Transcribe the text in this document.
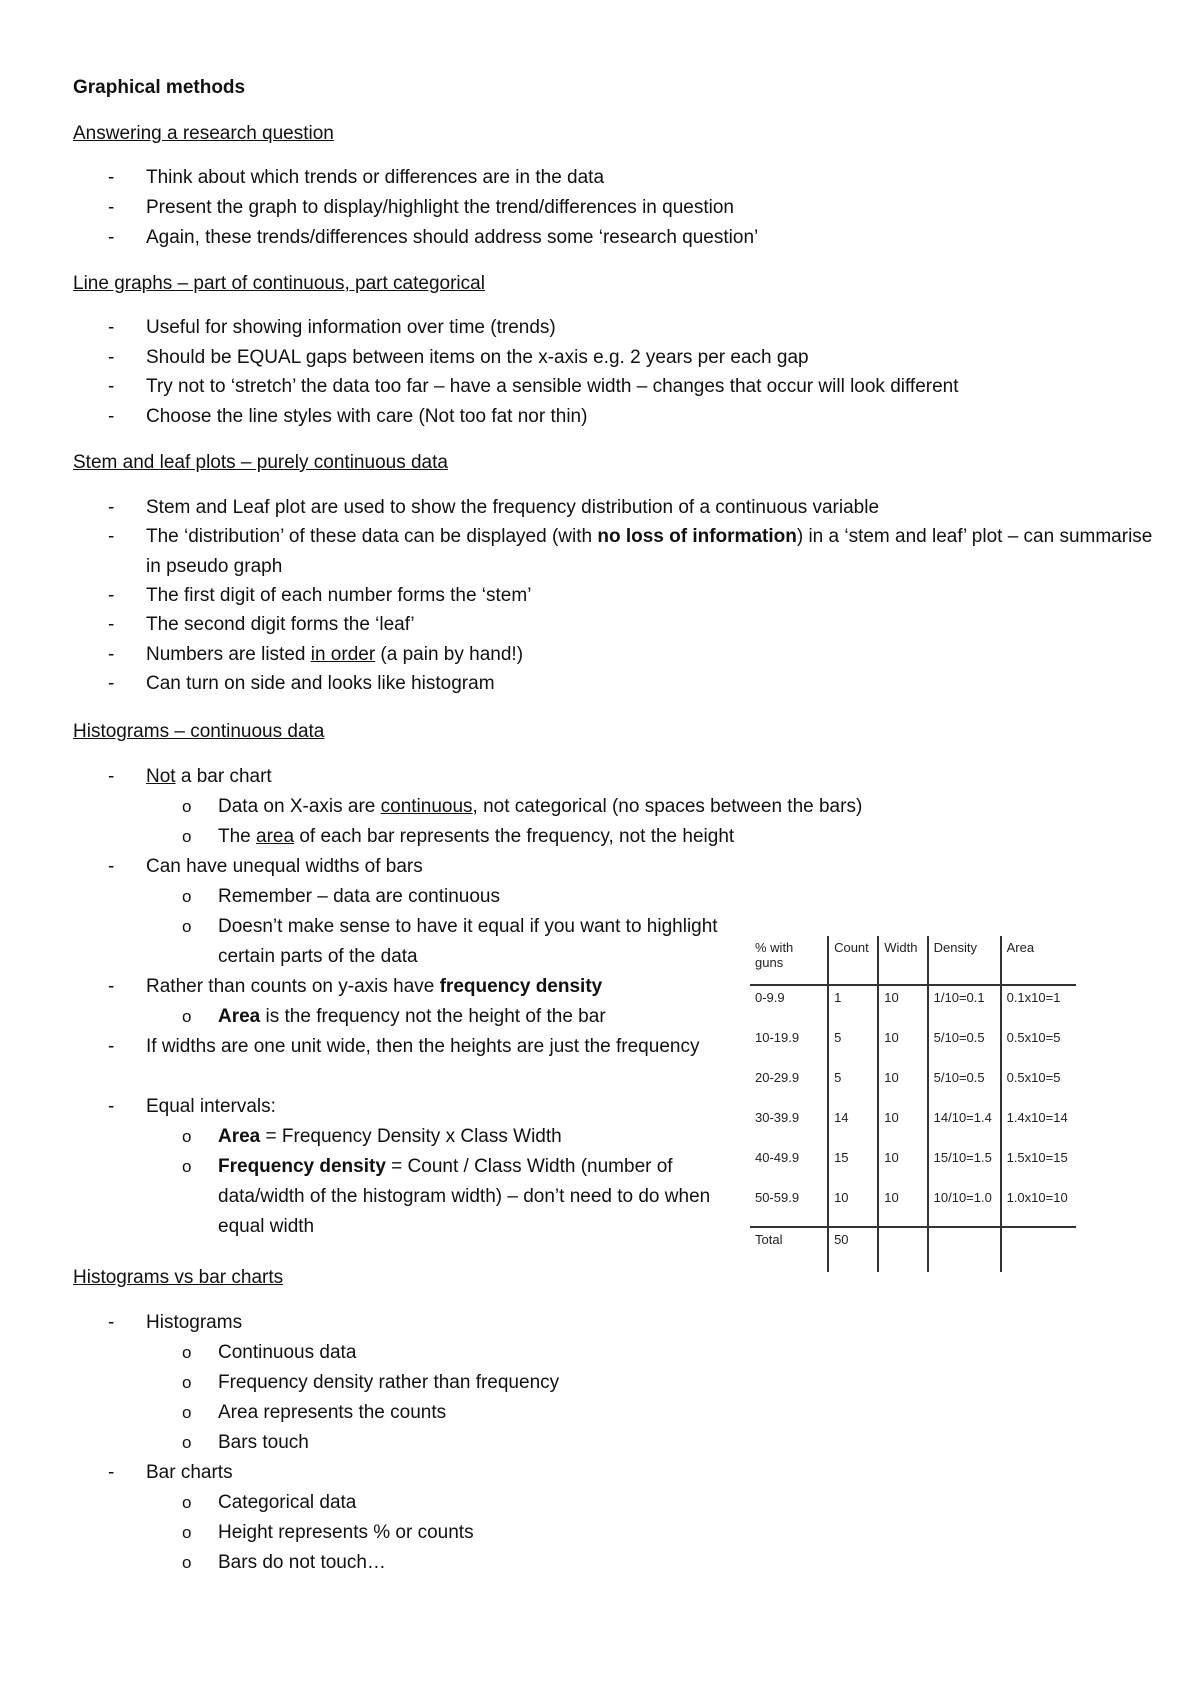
Graphical methods
Answering a research question
- Think about which trends or differences are in the data
- Present the graph to display/highlight the trend/differences in question
- Again, these trends/differences should address some ‘research question’
Line graphs – part of continuous, part categorical
- Useful for showing information over time (trends)
- Should be EQUAL gaps between items on the x-axis e.g. 2 years per each gap
- Try not to ‘stretch’ the data too far – have a sensible width – changes that occur will look different
- Choose the line styles with care (Not too fat nor thin)
Stem and leaf plots – purely continuous data
- Stem and Leaf plot are used to show the frequency distribution of a continuous variable
- The ‘distribution’ of these data can be displayed (with no loss of information) in a ‘stem and leaf’ plot – can summarise in pseudo graph
- The first digit of each number forms the ‘stem’
- The second digit forms the ‘leaf’
- Numbers are listed in order (a pain by hand!)
- Can turn on side and looks like histogram
Histograms – continuous data
- Not a bar chart
o Data on X-axis are continuous, not categorical (no spaces between the bars)
o The area of each bar represents the frequency, not the height
- Can have unequal widths of bars
o Remember – data are continuous
o Doesn’t make sense to have it equal if you want to highlight certain parts of the data
- Rather than counts on y-axis have frequency density
o Area is the frequency not the height of the bar
- If widths are one unit wide, then the heights are just the frequency
- Equal intervals:
o Area = Frequency Density x Class Width
o Frequency density = Count / Class Width (number of data/width of the histogram width) – don’t need to do when equal width
% with guns	Count	Width	Density	Area
0-9.9	1	10	1/10=0.1	0.1x10=1
10-19.9	5	10	5/10=0.5	0.5x10=5
20-29.9	5	10	5/10=0.5	0.5x10=5
30-39.9	14	10	14/10=1.4	1.4x10=14
40-49.9	15	10	15/10=1.5	1.5x10=15
50-59.9	10	10	10/10=1.0	1.0x10=10
Total	50			
Histograms vs bar charts
- Histograms
o Continuous data
o Frequency density rather than frequency
o Area represents the counts
o Bars touch
- Bar charts
o Categorical data
o Height represents % or counts
o Bars do not touch…
